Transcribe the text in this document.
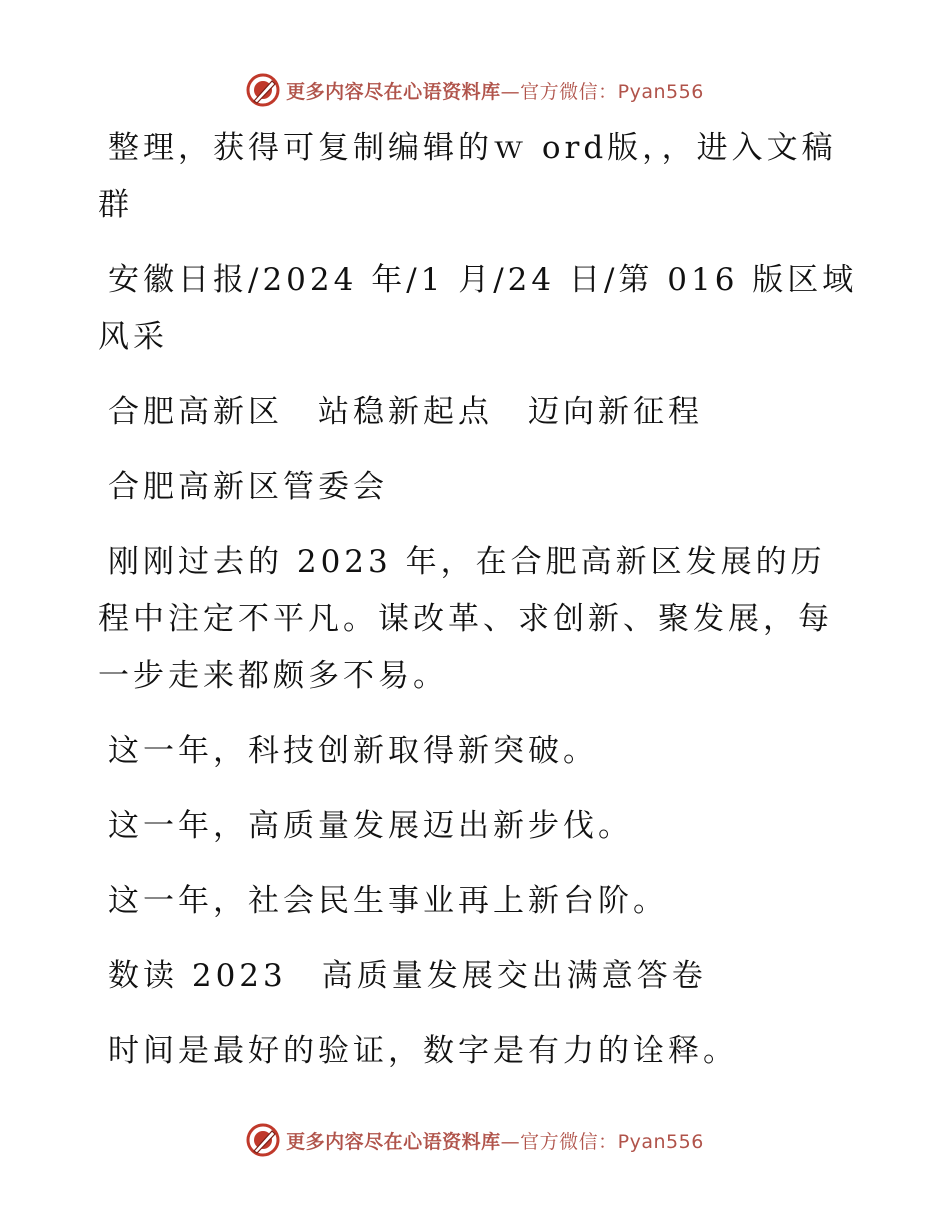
更多内容尽在心语资料库—官方微信：Pyan556

整理，获得可复制编辑的ｗ ord版，，进入文稿群

安徽日报/2024 年/1 月/24 日/第 016 版区域风采

合肥高新区　站稳新起点　迈向新征程

合肥高新区管委会

刚刚过去的 2023 年，在合肥高新区发展的历程中注定不平凡。谋改革、求创新、聚发展，每一步走来都颇多不易。

这一年，科技创新取得新突破。

这一年，高质量发展迈出新步伐。

这一年，社会民生事业再上新台阶。

数读 2023　高质量发展交出满意答卷

时间是最好的验证，数字是有力的诠释。

更多内容尽在心语资料库—官方微信：Pyan556
